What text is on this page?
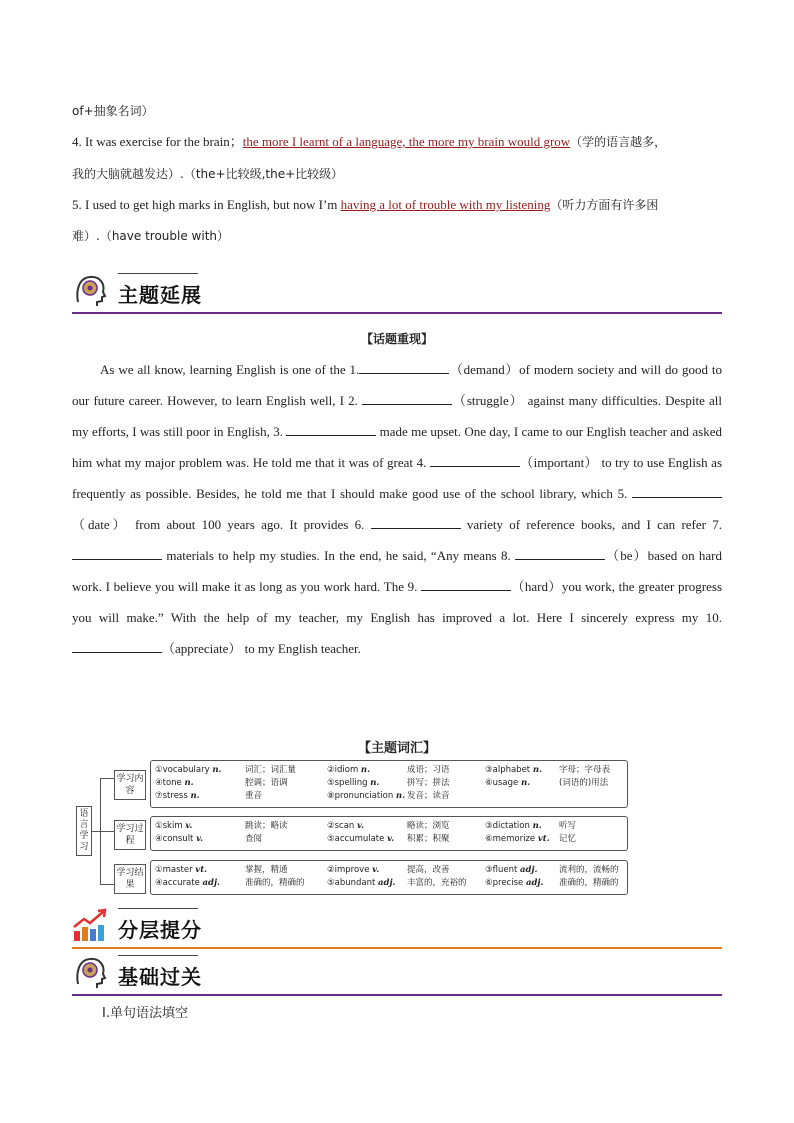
of+抽象名词）
4. It was exercise for the brain；the more I learnt of a language, the more my brain would grow（学的语言越多，
我的大脑就越发达）.（the+比较级,the+比较级）
5. I used to get high marks in English, but now I’m having a lot of trouble with my listening（听力方面有许多困
难）.（have trouble with）
主题延展
【话题重现】
As we all know, learning English is one of the 1.	（demand）of modern society and will do good to our future career. However, to learn English well, I 2.	（struggle） against many difficulties. Despite all my efforts, I was still poor in English, 3.	made me upset. One day, I came to our English teacher and asked him what my major problem was. He told me that it was of great 4.	（important） to try to use English as frequently as possible. Besides, he told me that I should make good use of the school library, which 5. （date） from about 100 years ago. It provides 6.	variety of reference books, and I can refer 7.  materials to help my studies. In the end, he said, “Any means 8.	（be）based on hard work. I believe you will make it as long as you work hard. The 9.	（hard）you work, the greater progress you will make.” With the help of my teacher, my English has improved a lot. Here I sincerely express my 10. （appreciate） to my English teacher.
【主题词汇】
语言学习
学习内容
①vocabulary n.	词汇；词汇量	②idiom n.	成语；习语	③alphabet n. 字母；字母表
④tone n.	腔调；语调	⑤spelling n.	拼写；拼法	⑥usage n.	(词语的)用法
⑦stress n.	重音	⑧pronunciation n. 发音；读音
学习过程
①skim v.	跳读；略读	②scan v.	略读；浏览	③dictation n. 听写
④consult v.	查阅	⑤accumulate v. 积累；积聚	⑥memorize vt. 记忆
学习结果
①master vt.	掌握，精通	②improve v.	提高，改善	③fluent adj.	流利的，流畅的
④accurate adj.	准确的，精确的	⑤abundant adj. 丰富的，充裕的 ⑥precise adj. 准确的，精确的
分层提分
基础过关
Ⅰ.单句语法填空
